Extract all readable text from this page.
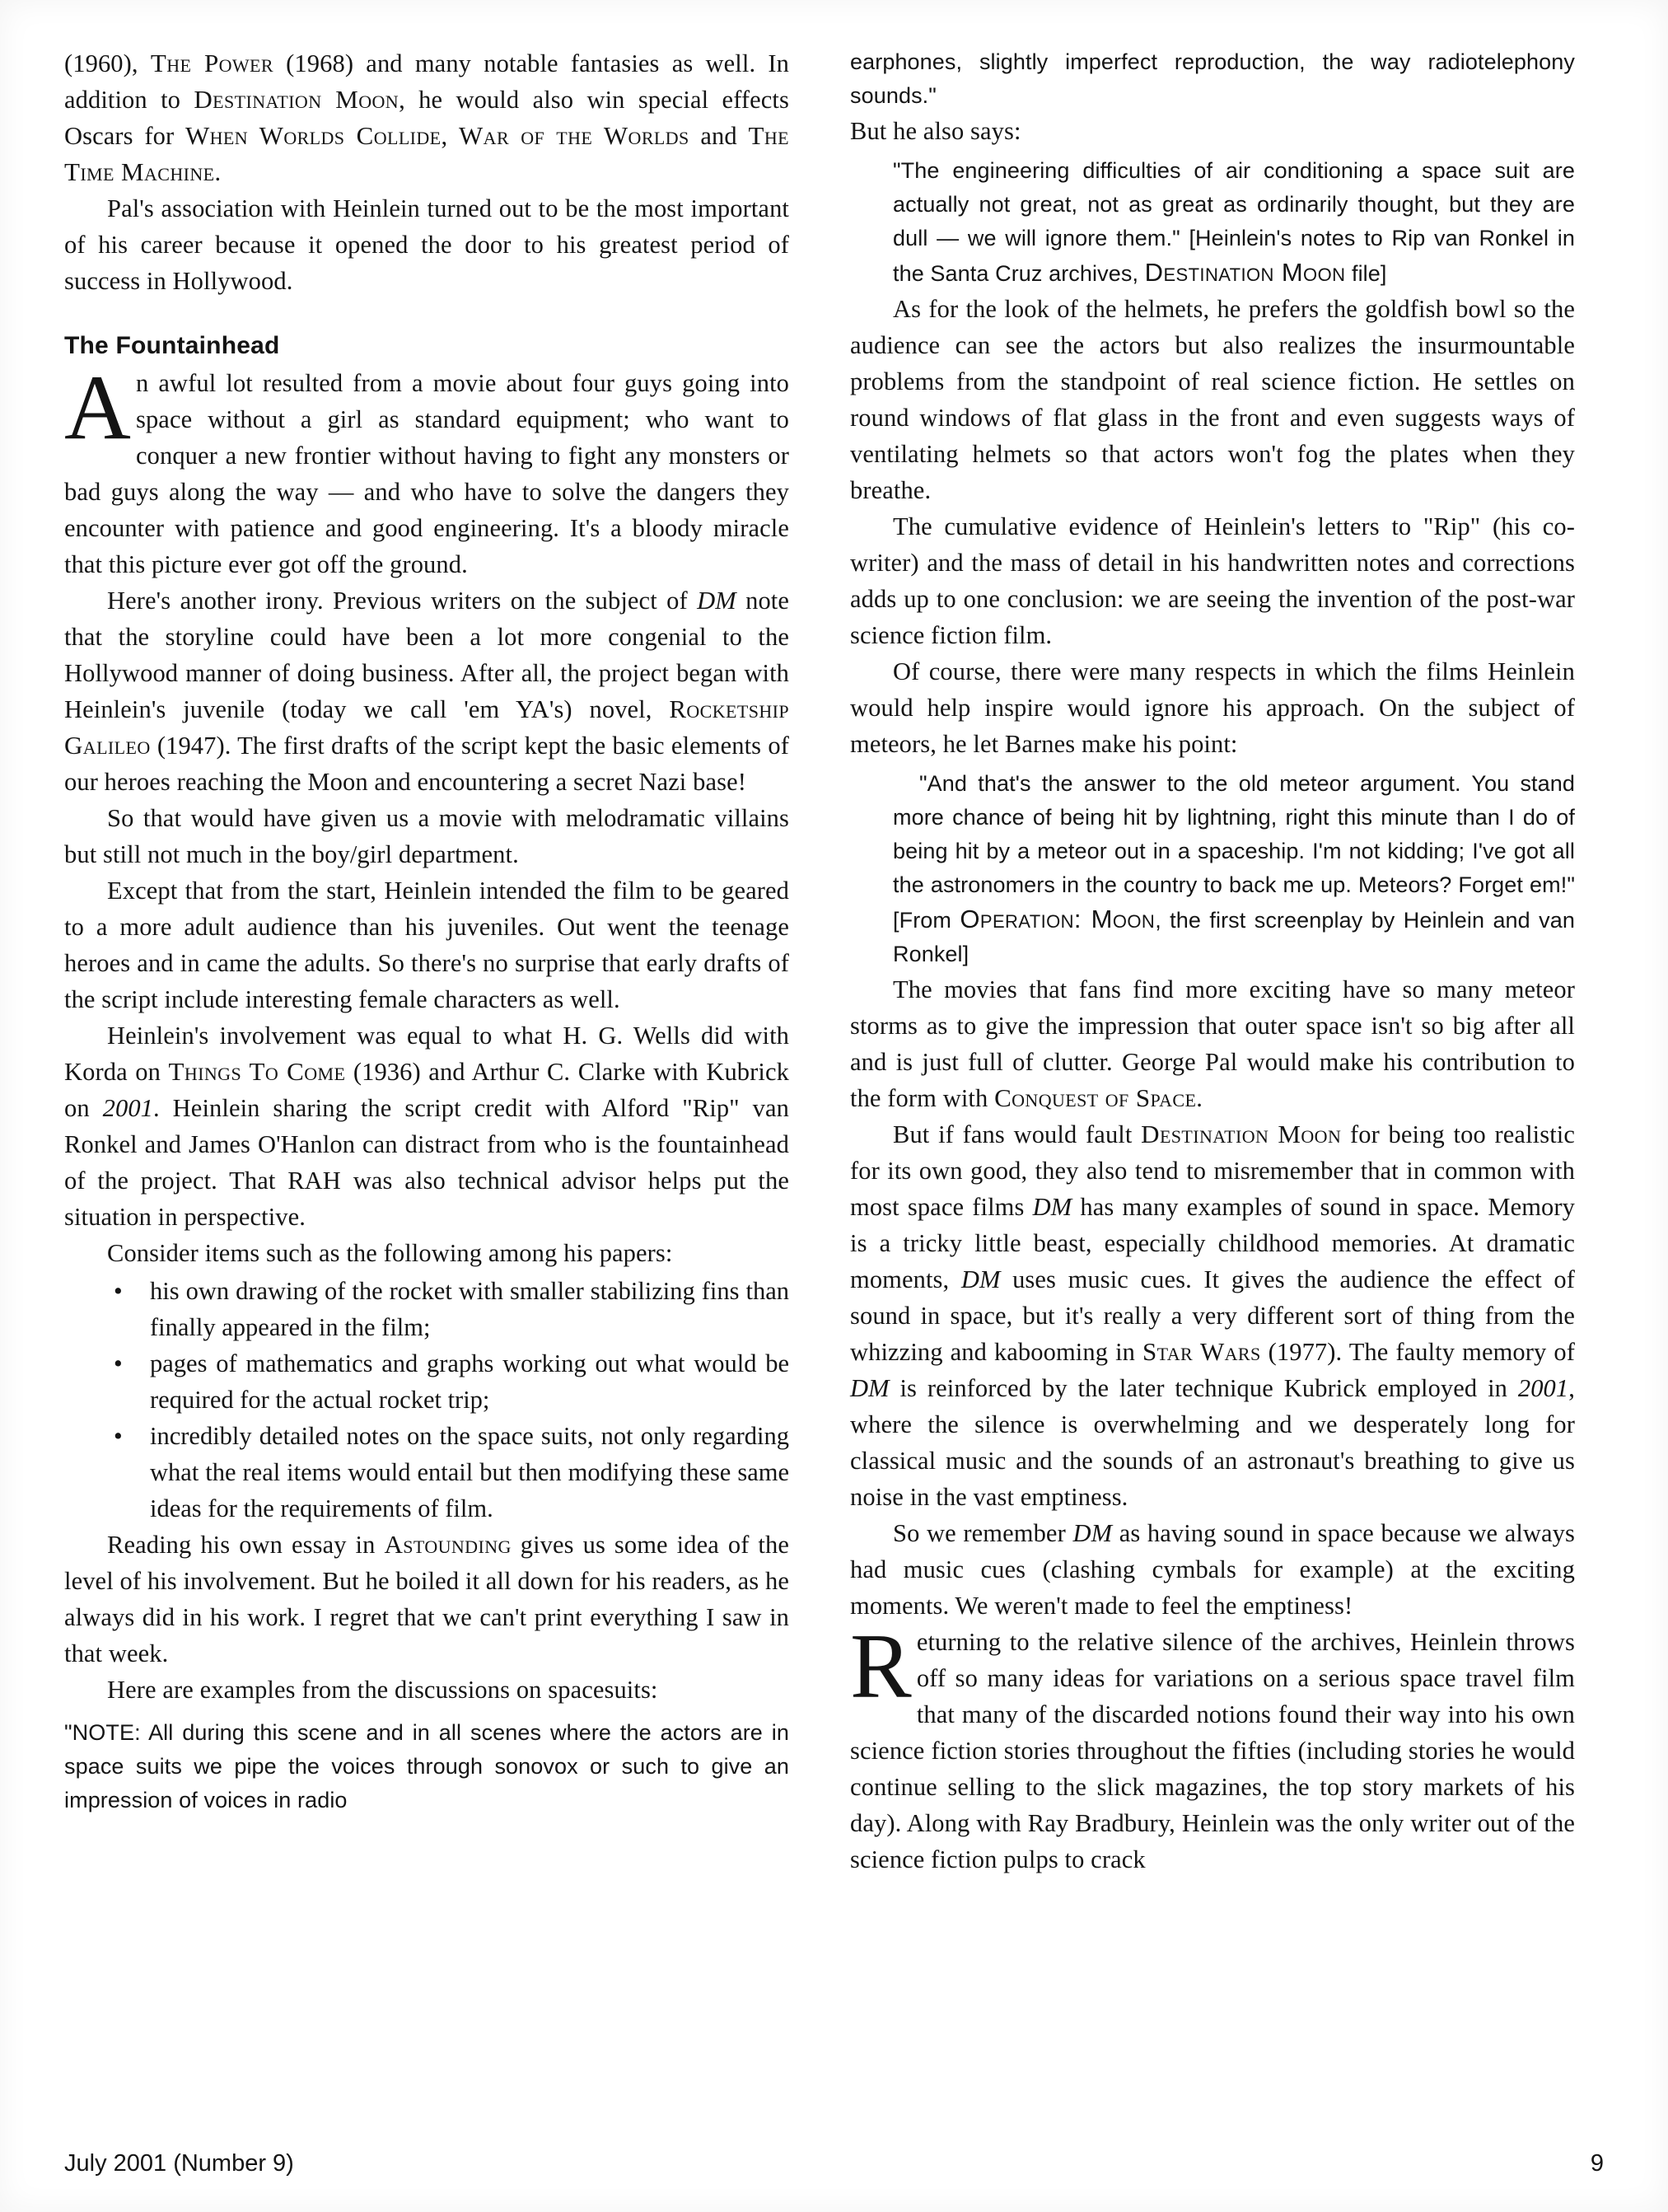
(1960), The Power (1968) and many notable fantasies as well. In addition to Destination Moon, he would also win special effects Oscars for When Worlds Collide, War of the Worlds and The Time Machine.

Pal's association with Heinlein turned out to be the most important of his career because it opened the door to his greatest period of success in Hollywood.

The Fountainhead

An awful lot resulted from a movie about four guys going into space without a girl as standard equipment; who want to conquer a new frontier without having to fight any monsters or bad guys along the way — and who have to solve the dangers they encounter with patience and good engineering. It's a bloody miracle that this picture ever got off the ground.

Here's another irony. Previous writers on the subject of DM note that the storyline could have been a lot more congenial to the Hollywood manner of doing business. After all, the project began with Heinlein's juvenile (today we call 'em YA's) novel, Rocketship Galileo (1947). The first drafts of the script kept the basic elements of our heroes reaching the Moon and encountering a secret Nazi base!

So that would have given us a movie with melodramatic villains but still not much in the boy/girl department.

Except that from the start, Heinlein intended the film to be geared to a more adult audience than his juveniles. Out went the teenage heroes and in came the adults. So there's no surprise that early drafts of the script include interesting female characters as well.

Heinlein's involvement was equal to what H. G. Wells did with Korda on Things To Come (1936) and Arthur C. Clarke with Kubrick on 2001. Heinlein sharing the script credit with Alford "Rip" van Ronkel and James O'Hanlon can distract from who is the fountainhead of the project. That RAH was also technical advisor helps put the situation in perspective.

Consider items such as the following among his papers:

• his own drawing of the rocket with smaller stabilizing fins than finally appeared in the film;
• pages of mathematics and graphs working out what would be required for the actual rocket trip;
• incredibly detailed notes on the space suits, not only regarding what the real items would entail but then modifying these same ideas for the requirements of film.

Reading his own essay in Astounding gives us some idea of the level of his involvement. But he boiled it all down for his readers, as he always did in his work. I regret that we can't print everything I saw in that week.

Here are examples from the discussions on spacesuits:

"NOTE: All during this scene and in all scenes where the actors are in space suits we pipe the voices through sonovox or such to give an impression of voices in radio

earphones, slightly imperfect reproduction, the way radiotelephony sounds."

But he also says:

"The engineering difficulties of air conditioning a space suit are actually not great, not as great as ordinarily thought, but they are dull — we will ignore them." [Heinlein's notes to Rip van Ronkel in the Santa Cruz archives, Destination Moon file]

As for the look of the helmets, he prefers the goldfish bowl so the audience can see the actors but also realizes the insurmountable problems from the standpoint of real science fiction. He settles on round windows of flat glass in the front and even suggests ways of ventilating helmets so that actors won't fog the plates when they breathe.

The cumulative evidence of Heinlein's letters to "Rip" (his co-writer) and the mass of detail in his handwritten notes and corrections adds up to one conclusion: we are seeing the invention of the post-war science fiction film.

Of course, there were many respects in which the films Heinlein would help inspire would ignore his approach. On the subject of meteors, he let Barnes make his point:

"And that's the answer to the old meteor argument. You stand more chance of being hit by lightning, right this minute than I do of being hit by a meteor out in a spaceship. I'm not kidding; I've got all the astronomers in the country to back me up. Meteors? Forget em!" [From Operation: Moon, the first screenplay by Heinlein and van Ronkel]

The movies that fans find more exciting have so many meteor storms as to give the impression that outer space isn't so big after all and is just full of clutter. George Pal would make his contribution to the form with Conquest of Space.

But if fans would fault Destination Moon for being too realistic for its own good, they also tend to misremember that in common with most space films DM has many examples of sound in space. Memory is a tricky little beast, especially childhood memories. At dramatic moments, DM uses music cues. It gives the audience the effect of sound in space, but it's really a very different sort of thing from the whizzing and kabooming in Star Wars (1977). The faulty memory of DM is reinforced by the later technique Kubrick employed in 2001, where the silence is overwhelming and we desperately long for classical music and the sounds of an astronaut's breathing to give us noise in the vast emptiness.

So we remember DM as having sound in space because we always had music cues (clashing cymbals for example) at the exciting moments. We weren't made to feel the emptiness!

Returning to the relative silence of the archives, Heinlein throws off so many ideas for variations on a serious space travel film that many of the discarded notions found their way into his own science fiction stories throughout the fifties (including stories he would continue selling to the slick magazines, the top story markets of his day). Along with Ray Bradbury, Heinlein was the only writer out of the science fiction pulps to crack

July 2001 (Number 9)	9
